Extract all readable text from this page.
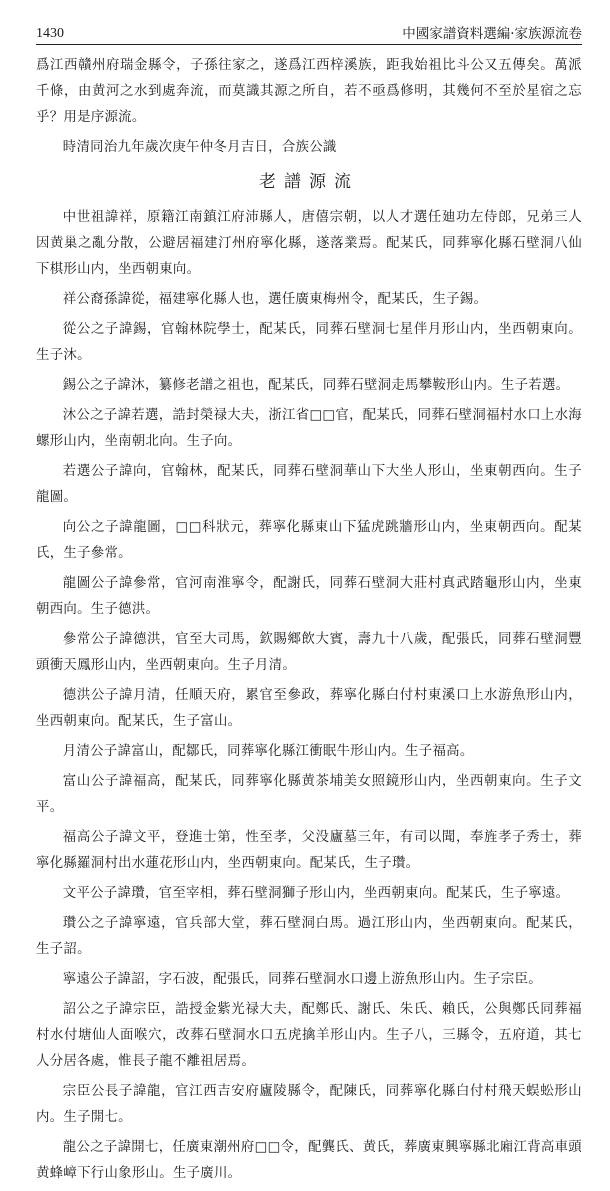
1430	中國家譜資料選編·家族源流卷

爲江西贛州府瑞金縣令，子孫往家之，遂爲江西梓溪族，距我始祖比斗公又五傳矣。萬派千條，由黄河之水到處奔流，而莫識其源之所自，若不亟爲修明，其幾何不至於星宿之忘乎？用是序源流。

時清同治九年歲次庚午仲冬月吉日，合族公識

老譜源流

中世祖諱祥，原籍江南鎮江府沛縣人，唐僖宗朝，以人才選任廸功左侍郎，兄弟三人因黄巢之亂分散，公避居福建汀州府寧化縣，遂落業焉。配某氏，同葬寧化縣石壁洞八仙下棋形山内，坐西朝東向。

祥公裔孫諱從，福建寧化縣人也，選任廣東梅州令，配某氏，生子錫。

從公之子諱錫，官翰林院學士，配某氏，同葬石壁洞七星伴月形山内，坐西朝東向。生子沐。

錫公之子諱沐，纂修老譜之祖也，配某氏，同葬石壁洞走馬攀鞍形山内。生子若選。

沐公之子諱若選，誥封榮禄大夫，浙江省□□官，配某氏，同葬石壁洞福村水口上水海螺形山内，坐南朝北向。生子向。

若選公子諱向，官翰林，配某氏，同葬石壁洞華山下大坐人形山，坐東朝西向。生子龍圖。

向公之子諱龍圖，□□科狀元，葬寧化縣東山下猛虎跳牆形山内，坐東朝西向。配某氏，生子參常。

龍圖公子諱參常，官河南淮寧令，配謝氏，同葬石壁洞大莊村真武踏龜形山内，坐東朝西向。生子德洪。

參常公子諱德洪，官至大司馬，欽賜鄉飲大賓，壽九十八歲，配張氏，同葬石壁洞豐頭衝天鳳形山内，坐西朝東向。生子月清。

德洪公子諱月清，任順天府，累官至參政，葬寧化縣白付村東溪口上水游魚形山内，坐西朝東向。配某氏，生子富山。

月清公子諱富山，配鄒氏，同葬寧化縣江衝眠牛形山内。生子福高。

富山公子諱福高，配某氏，同葬寧化縣黄茶埔美女照鏡形山内，坐西朝東向。生子文平。

福高公子諱文平，登進士第，性至孝，父没廬墓三年，有司以聞，奉旌孝子秀士，葬寧化縣羅洞村出水蓮花形山内，坐西朝東向。配某氏，生子瓚。

文平公子諱瓚，官至宰相，葬石壁洞獅子形山内，坐西朝東向。配某氏，生子寧遠。

瓚公之子諱寧遠，官兵部大堂，葬石壁洞白馬。過江形山内，坐西朝東向。配某氏，生子詔。

寧遠公子諱詔，字石波，配張氏，同葬石壁洞水口邊上游魚形山内。生子宗臣。

詔公之子諱宗臣，誥授金紫光禄大夫，配鄭氏、謝氏、朱氏、賴氏，公與鄭氏同葬福村水付塘仙人面喉穴，改葬石壁洞水口五虎擒羊形山内。生子八，三縣令，五府道，其七人分居各處，惟長子龍不離祖居焉。

宗臣公長子諱龍，官江西吉安府廬陵縣令，配陳氏，同葬寧化縣白付村飛天蜈蚣形山内。生子開七。

龍公之子諱開七，任廣東潮州府□□令，配龔氏、黄氏，葬廣東興寧縣北廂江背高車頭黄蜂嶂下行山象形山。生子廣川。
